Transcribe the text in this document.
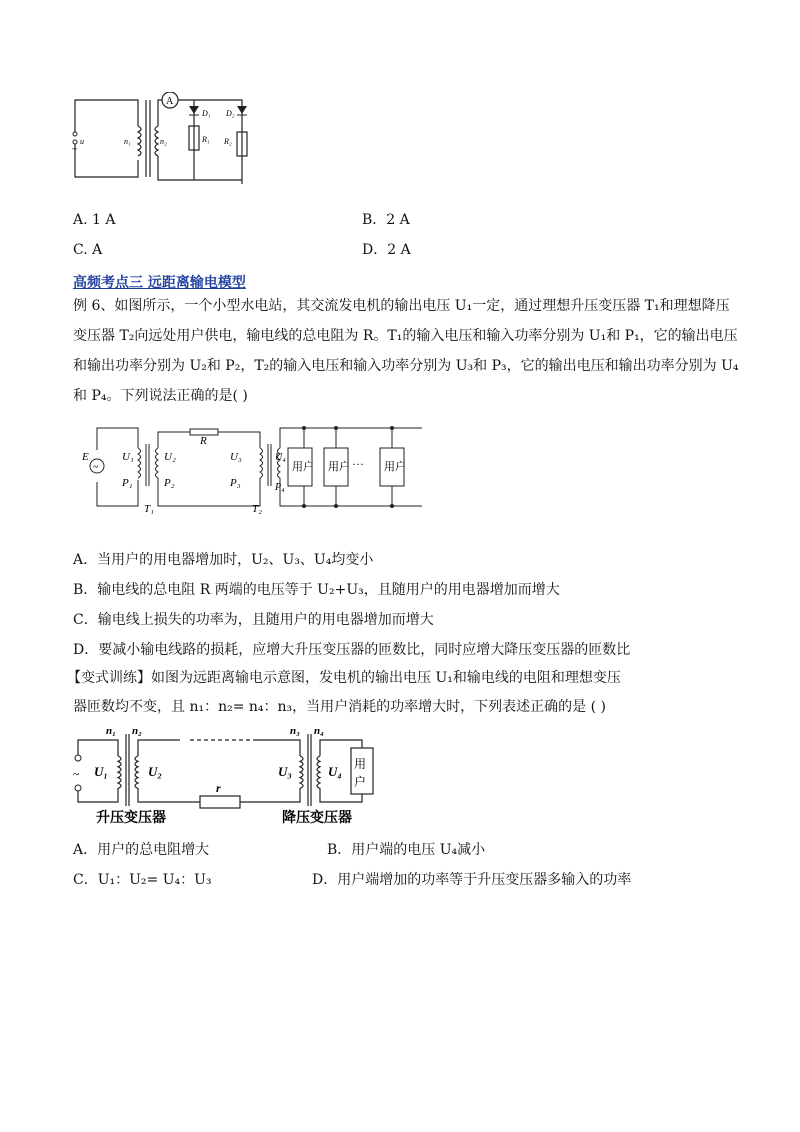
~
u	n₁	n₂
A
D₁ D₂
R₁ R₂
A. 1 A	B．2 A
C. A	D．2 A
高频考点三 远距离输电模型
例 6、如图所示，一个小型水电站，其交流发电机的输出电压 U₁一定，通过理想升压变压器 T₁和理想降压
变压器 T₂向远处用户供电，输电线的总电阻为 R。T₁的输入电压和输入功率分别为 U₁和 P₁，它的输出电压
和输出功率分别为 U₂和 P₂，T₂的输入电压和输入功率分别为 U₃和 P₃，它的输出电压和输出功率分别为 U₄
和 P₄。下列说法正确的是( )
~
E
R
U₁
P₁
U₂
P₂
U₃
P₃
U₄
P₄
T₁	T₂
用户 用户 ··· 用户
A．当用户的用电器增加时，U₂、U₃、U₄均变小
B．输电线的总电阻 R 两端的电压等于 U₂+U₃，且随用户的用电器增加而增大
C．输电线上损失的功率为，且随用户的用电器增加而增大
D．要减小输电线路的损耗，应增大升压变压器的匝数比，同时应增大降压变压器的匝数比
【变式训练】如图为远距离输电示意图，发电机的输出电压 U₁和输电线的电阻和理想变压
器匝数均不变，且 n₁：n₂= n₄：n₃，当用户消耗的功率增大时，下列表述正确的是 ( )
~
n₁ n₂	n₃ n₄
U₁	U₂	U₃	U₄
r
用
户
升压变压器	降压变压器
A．用户的总电阻增大	B．用户端的电压 U₄减小
C．U₁：U₂= U₄：U₃	D．用户端增加的功率等于升压变压器多输入的功率
